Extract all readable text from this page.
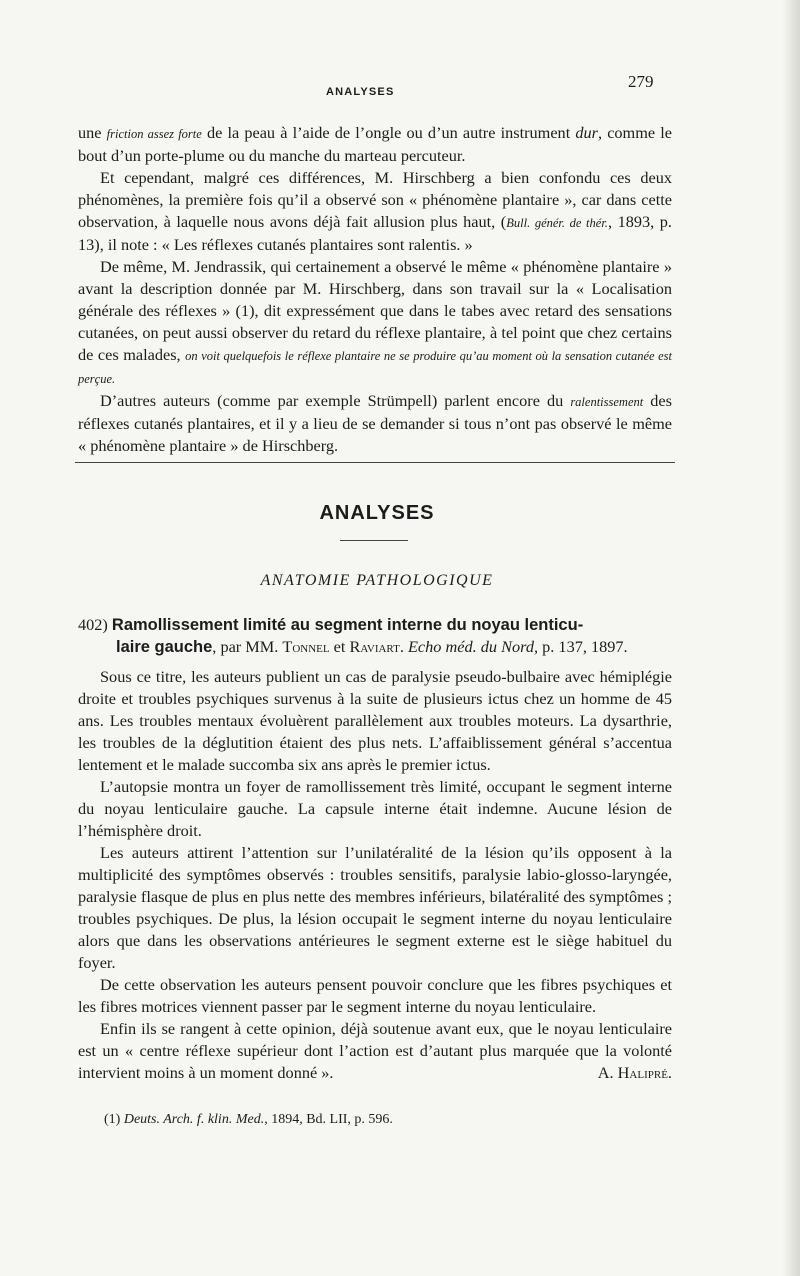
ANALYSES
279

une friction assez forte de la peau à l’aide de l’ongle ou d’un autre instrument dur, comme le bout d’un porte-plume ou du manche du marteau percuteur.

Et cependant, malgré ces différences, M. Hirschberg a bien confondu ces deux phénomènes, la première fois qu’il a observé son « phénomène plantaire », car dans cette observation, à laquelle nous avons déjà fait allusion plus haut, (Bull. génér. de thér., 1893, p. 13), il note : « Les réflexes cutanés plantaires sont ralentis. »

De même, M. Jendrassik, qui certainement a observé le même « phénomène plantaire » avant la description donnée par M. Hirschberg, dans son travail sur la « Localisation générale des réflexes » (1), dit expressément que dans le tabes avec retard des sensations cutanées, on peut aussi observer du retard du réflexe plantaire, à tel point que chez certains de ces malades, on voit quelquefois le réflexe plantaire ne se produire qu’au moment où la sensation cutanée est perçue.

D’autres auteurs (comme par exemple Strümpell) parlent encore du ralentissement des réflexes cutanés plantaires, et il y a lieu de se demander si tous n’ont pas observé le même « phénomène plantaire » de Hirschberg.

ANALYSES
ANATOMIE PATHOLOGIQUE
402) Ramollissement limité au segment interne du noyau lenticu-
laire gauche, par MM. Tonnel et Raviart. Echo méd. du Nord, p. 137, 1897.

Sous ce titre, les auteurs publient un cas de paralysie pseudo-bulbaire avec hémiplégie droite et troubles psychiques survenus à la suite de plusieurs ictus chez un homme de 45 ans. Les troubles mentaux évoluèrent parallèlement aux troubles moteurs. La dysarthrie, les troubles de la déglutition étaient des plus nets. L’affaiblissement général s’accentua lentement et le malade succomba six ans après le premier ictus.

L’autopsie montra un foyer de ramollissement très limité, occupant le segment interne du noyau lenticulaire gauche. La capsule interne était indemne. Aucune lésion de l’hémisphère droit.

Les auteurs attirent l’attention sur l’unilatéralité de la lésion qu’ils opposent à la multiplicité des symptômes observés : troubles sensitifs, paralysie labio-glosso-laryngée, paralysie flasque de plus en plus nette des membres inférieurs, bilatéralité des symptômes ; troubles psychiques. De plus, la lésion occupait le segment interne du noyau lenticulaire alors que dans les observations antérieures le segment externe est le siège habituel du foyer.

De cette observation les auteurs pensent pouvoir conclure que les fibres psychiques et les fibres motrices viennent passer par le segment interne du noyau lenticulaire.

Enfin ils se rangent à cette opinion, déjà soutenue avant eux, que le noyau lenticulaire est un « centre réflexe supérieur dont l’action est d’autant plus marquée que la volonté intervient moins à un moment donné ».	A. Halipré.

(1) Deuts. Arch. f. klin. Med., 1894, Bd. LII, p. 596.
